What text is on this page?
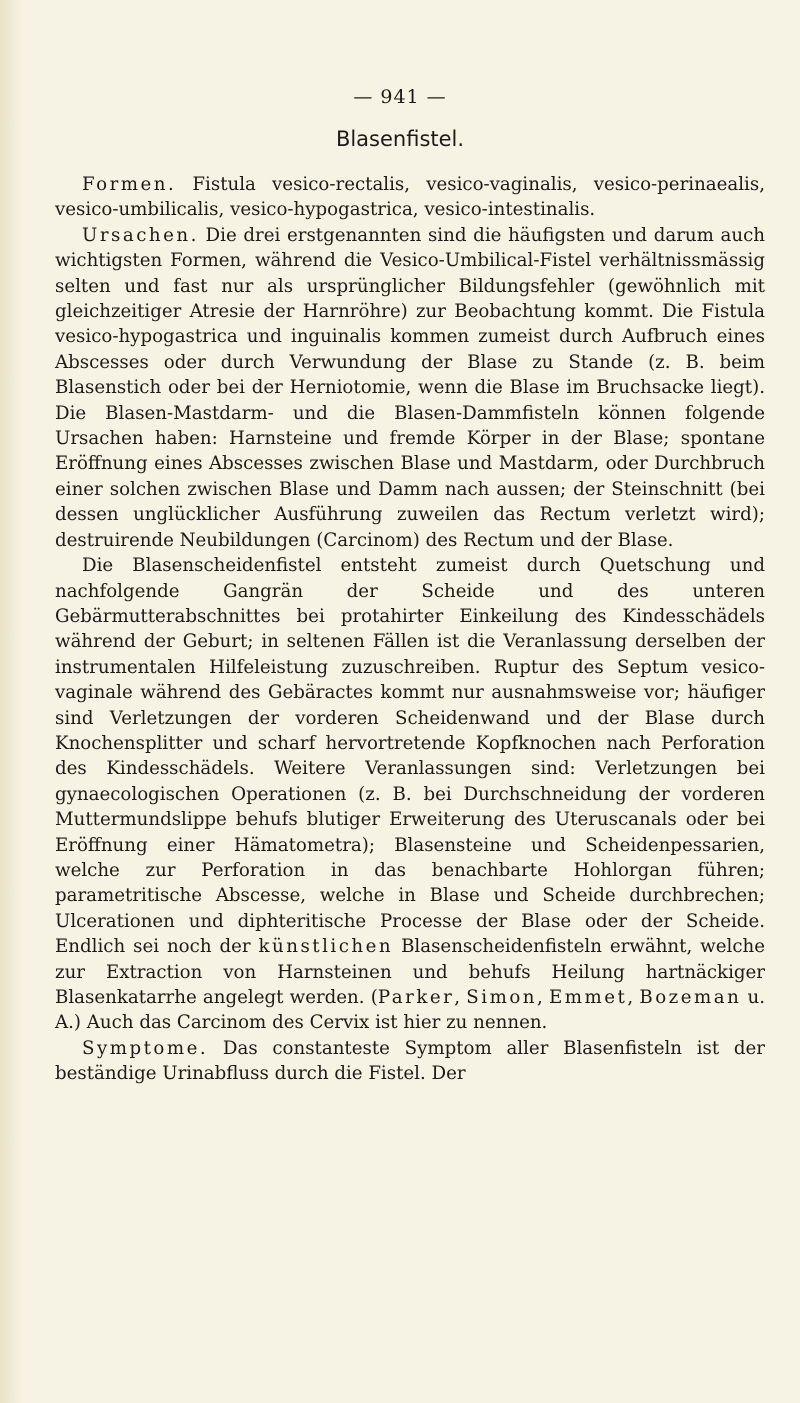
— 941 —
Blasenfistel.

Formen. Fistula vesico-rectalis, vesico-vaginalis, vesico-perinaealis, vesico-umbilicalis, vesico-hypogastrica, vesico-intestinalis.

Ursachen. Die drei erstgenannten sind die häufigsten und darum auch wichtigsten Formen, während die Vesico-Umbilical-Fistel verhältnissmässig selten und fast nur als ursprünglicher Bildungsfehler (gewöhnlich mit gleichzeitiger Atresie der Harnröhre) zur Beobachtung kommt. Die Fistula vesico-hypogastrica und inguinalis kommen zumeist durch Aufbruch eines Abscesses oder durch Verwundung der Blase zu Stande (z. B. beim Blasenstich oder bei der Herniotomie, wenn die Blase im Bruchsacke liegt). Die Blasen-Mastdarm- und die Blasen-Dammfisteln können folgende Ursachen haben: Harnsteine und fremde Körper in der Blase; spontane Eröffnung eines Abscesses zwischen Blase und Mastdarm, oder Durchbruch einer solchen zwischen Blase und Damm nach aussen; der Steinschnitt (bei dessen unglücklicher Ausführung zuweilen das Rectum verletzt wird); destruirende Neubildungen (Carcinom) des Rectum und der Blase.

Die Blasenscheidenfistel entsteht zumeist durch Quetschung und nachfolgende Gangrän der Scheide und des unteren Gebärmutterabschnittes bei protahirter Einkeilung des Kindesschädels während der Geburt; in seltenen Fällen ist die Veranlassung derselben der instrumentalen Hilfeleistung zuzuschreiben. Ruptur des Septum vesico-vaginale während des Gebäractes kommt nur ausnahmsweise vor; häufiger sind Verletzungen der vorderen Scheidenwand und der Blase durch Knochensplitter und scharf hervortretende Kopfknochen nach Perforation des Kindesschädels. Weitere Veranlassungen sind: Verletzungen bei gynaecologischen Operationen (z. B. bei Durchschneidung der vorderen Muttermundslippe behufs blutiger Erweiterung des Uteruscanals oder bei Eröffnung einer Hämatometra); Blasensteine und Scheidenpessarien, welche zur Perforation in das benachbarte Hohlorgan führen; parametritische Abscesse, welche in Blase und Scheide durchbrechen; Ulcerationen und diphteritische Processe der Blase oder der Scheide. Endlich sei noch der künstlichen Blasenscheidenfisteln erwähnt, welche zur Extraction von Harnsteinen und behufs Heilung hartnäckiger Blasenkatarrhe angelegt werden. (Parker, Simon, Emmet, Bozeman u. A.) Auch das Carcinom des Cervix ist hier zu nennen.

Symptome. Das constanteste Symptom aller Blasenfisteln ist der beständige Urinabfluss durch die Fistel. Der
